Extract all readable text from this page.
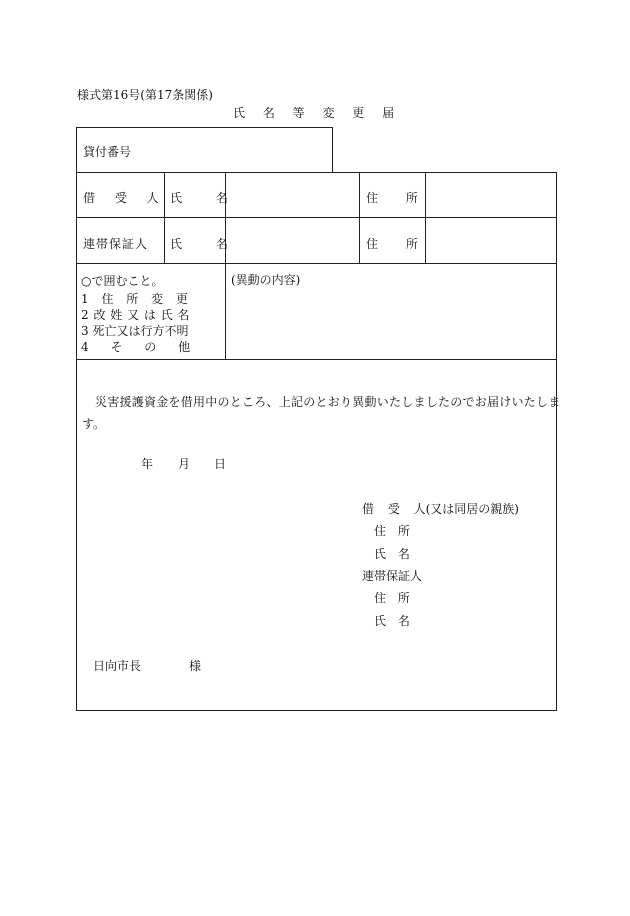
様式第16号(第17条関係)
氏 名 等 変 更 届
貸付番号
借 受 人 氏 名	住 所
連帯保証人 氏 名	住 所
○で囲むこと。
1 住 所 変 更
2 改 姓 又 は 氏 名
3 死亡又は行方不明
4 そ の 他
(異動の内容)
災害援護資金を借用中のところ、上記のとおり異動いたしましたのでお届けいたしま
す。
年 月 日
借 受 人(又は同居の親族)
住 所
氏 名
連帯保証人
住 所
氏 名
日向市長	様
